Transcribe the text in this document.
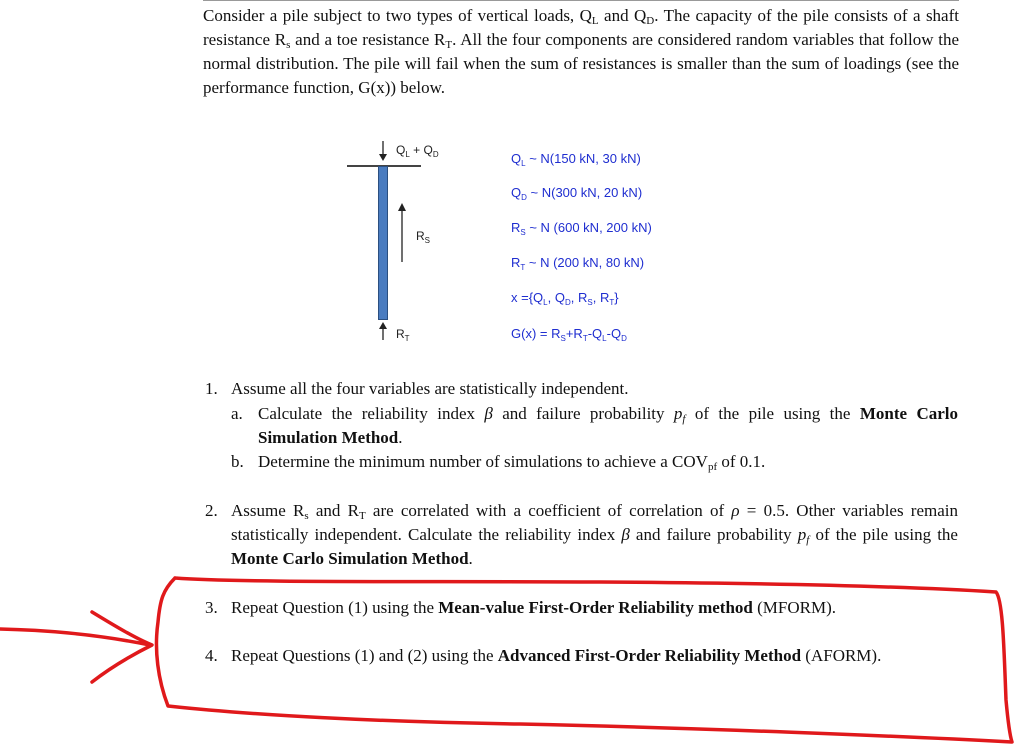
Consider a pile subject to two types of vertical loads, $Q_L$ and $Q_D$. The capacity of the pile consists of a shaft resistance $R_s$ and a toe resistance $R_T$. All the four components are considered random variables that follow the normal distribution. The pile will fail when the sum of resistances is smaller than the sum of loadings (see the performance function, G(x)) below.

$Q_L + Q_D$
$R_S$
$R_T$
$Q_L$ ~ N(150 kN, 30 kN)
$Q_D$ ~ N(300 kN, 20 kN)
$R_S$ ~ N (600 kN, 200 kN)
$R_T$ ~ N (200 kN, 80 kN)
$x =\{Q_L$, $Q_D$, $R_S$, $R_T$}
$G(x) = R_S+R_T-Q_L-Q_D$
1. Assume all the four variables are statistically independent.
a. Calculate the reliability index β and failure probability $p_f$ of the pile using the Monte Carlo Simulation Method.
b. Determine the minimum number of simulations to achieve a $COV_{pf}$ of 0.1.
2. Assume $R_s$ and $R_T$ are correlated with a coefficient of correlation of ρ = 0.5. Other variables remain statistically independent. Calculate the reliability index β and failure probability $p_f$ of the pile using the Monte Carlo Simulation Method.
3. Repeat Question (1) using the Mean-value First-Order Reliability method (MFORM).
4. Repeat Questions (1) and (2) using the Advanced First-Order Reliability Method (AFORM).
